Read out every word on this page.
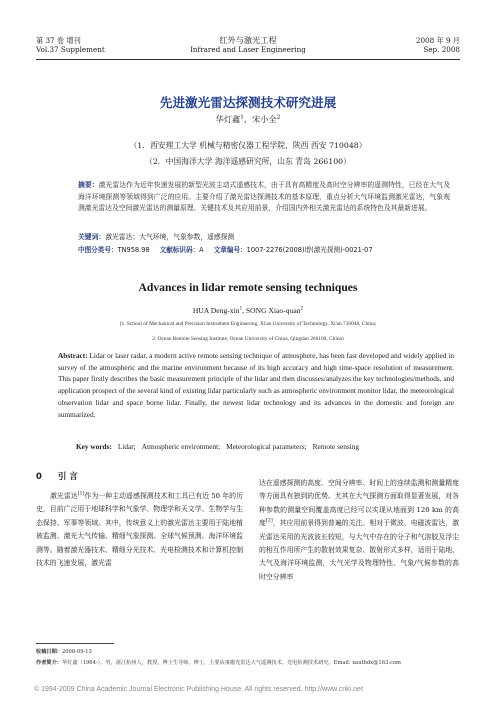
第 37 卷 增刊
Vol.37 Supplement
红外与激光工程
Infrared and Laser Engineering
2008 年 9 月
Sep. 2008
先进激光雷达探测技术研究进展
华灯鑫$^1$，宋小全$^2$
（1．西安理工大学 机械与精密仪器工程学院，陕西 西安 710048）
（2．中国海洋大学 海洋遥感研究所，山东 青岛 266100）
摘要：激光雷达作为近年快速发展的新型光波主动式遥感技术，由于具有高精度及高时空分辨率的遥测特性，已经在大气及海洋环境探测等领域得到广泛的应用。主要介绍了激光雷达探测技术的基本原理，重点分析大气环境监测激光雷达，气象观测激光雷达及空间激光雷达的测量原理、关键技术及其应用前景，介绍国内外相关激光雷达的系统特色及其最新进展。
关键词：激光雷达；大气环境，气象参数，遥感探测
中图分类号：TN958.98 文献标识码：A 文章编号：1007-2276(2008)增(激光探测)-0021-07
Advances in lidar remote sensing techniques
HUA Deng-xin$^1$, SONG Xiao-quan$^2$
(1. School of Mechanical and Precision Instrument Engineering, Xi'an University of Technology, Xi'an 710048, China;
2. Ocean Remote Sensing Institute, Ocean University of China, Qingdao 266100, China)
Abstract: Lidar or laser radar, a modern active remote sensing technique of atmosphere, has been fast developed and widely applied in survey of the atmospheric and the marine environment because of its high accuracy and high time-space resolution of measurement. This paper firstly describes the basic measurement principle of the lidar and then discusses/analyzes the key technologies/methods, and application prospect of the several kind of existing lidar particularly such as atmospheric environment monitor lidar, the meteorological observation lidar and space borne lidar. Finally, the newest lidar technology and its advances in the domestic and foreign are summarized.
Key words: Lidar; Atmospheric environment; Meteorological parameters; Remote sensing
0 引 言
激光雷达[1]作为一种主动遥感探测技术和工具已有近 50 年的历史，目前广泛用于地球科学和气象学、物理学和天文学、生物学与生态保持、军事等领域。其中，传统意义上的激光雷达主要用于陆地植被监测、激光大气传输、精细气象探测、全球气候预测、海洋环境监测等。随着激光器技术、精细分光技术、光电检测技术和计算机控制技术的飞速发展，激光雷
达在遥感探测的高度、空间分辨率、时间上的连续监测和测量精度等方面具有独到的优势。尤其在大气探测方面取得显著发展，对各种参数的测量空间覆盖高度已经可以实现从地面到 120 km 的高度[2]，其应用前景得到普遍的关注。相对于微波、电磁波雷达，激光雷达采用的光波波长较短，与大气中存在的分子和气溶胶及浮尘的相互作用所产生的散射效果复杂、散射形式多样，适用于陆地、大气及海洋环境监测，大气光学及物理特性、气象/气候参数的高时空分辨率
收稿日期：2008-09-13
作者简介：华灯鑫（1964-），男，浙江杭州人，教授，博士生导师，博士，主要从事激光雷达大气遥测技术、光电检测技术研究。Email: xauthdx@163.com
© 1994-2009 China Academic Journal Electronic Publishing House. All rights reserved. http://www.cnki.net
